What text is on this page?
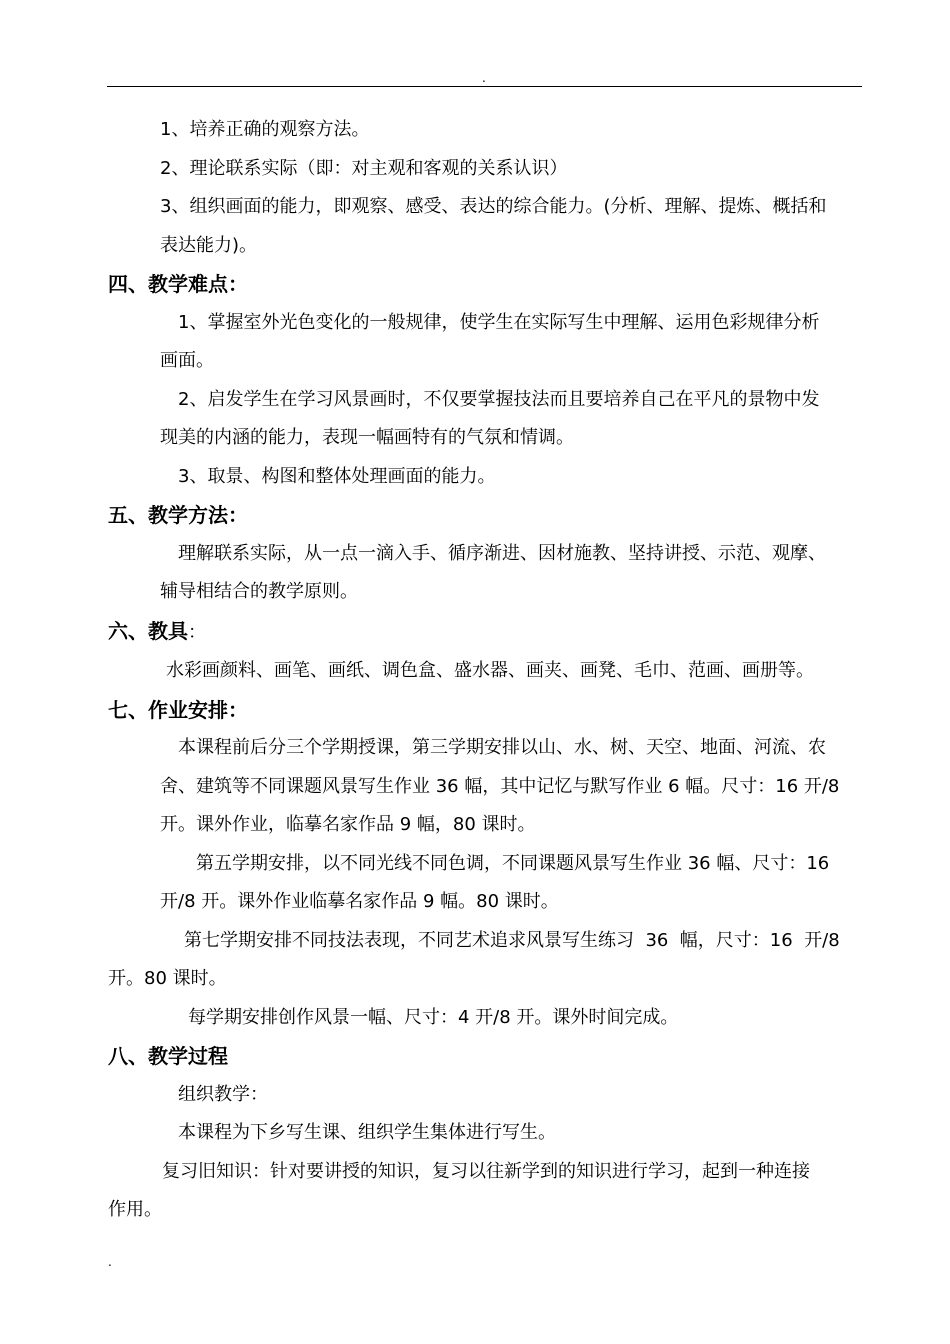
.

1、培养正确的观察方法。

2、理论联系实际（即：对主观和客观的关系认识）

3、组织画面的能力，即观察、感受、表达的综合能力。(分析、理解、提炼、概括和

表达能力)。

四、教学难点：

1、掌握室外光色变化的一般规律，使学生在实际写生中理解、运用色彩规律分析

画面。

2、启发学生在学习风景画时，不仅要掌握技法而且要培养自己在平凡的景物中发

现美的内涵的能力，表现一幅画特有的气氛和情调。

3、取景、构图和整体处理画面的能力。

五、教学方法：

理解联系实际，从一点一滴入手、循序渐进、因材施教、坚持讲授、示范、观摩、

辅导相结合的教学原则。

六、教具：

水彩画颜料、画笔、画纸、调色盒、盛水器、画夹、画凳、毛巾、范画、画册等。

七、作业安排：

本课程前后分三个学期授课，第三学期安排以山、水、树、天空、地面、河流、农

舍、建筑等不同课题风景写生作业 36 幅，其中记忆与默写作业 6 幅。尺寸：16 开/8

开。课外作业，临摹名家作品 9 幅，80 课时。

第五学期安排，以不同光线不同色调，不同课题风景写生作业 36 幅、尺寸：16

开/8 开。课外作业临摹名家作品 9 幅。80 课时。

第七学期安排不同技法表现，不同艺术追求风景写生练习  36  幅，尺寸：16  开/8

开。80 课时。

每学期安排创作风景一幅、尺寸：4 开/8 开。课外时间完成。

八、教学过程

组织教学：

本课程为下乡写生课、组织学生集体进行写生。

复习旧知识：针对要讲授的知识，复习以往新学到的知识进行学习，起到一种连接

作用。

.
